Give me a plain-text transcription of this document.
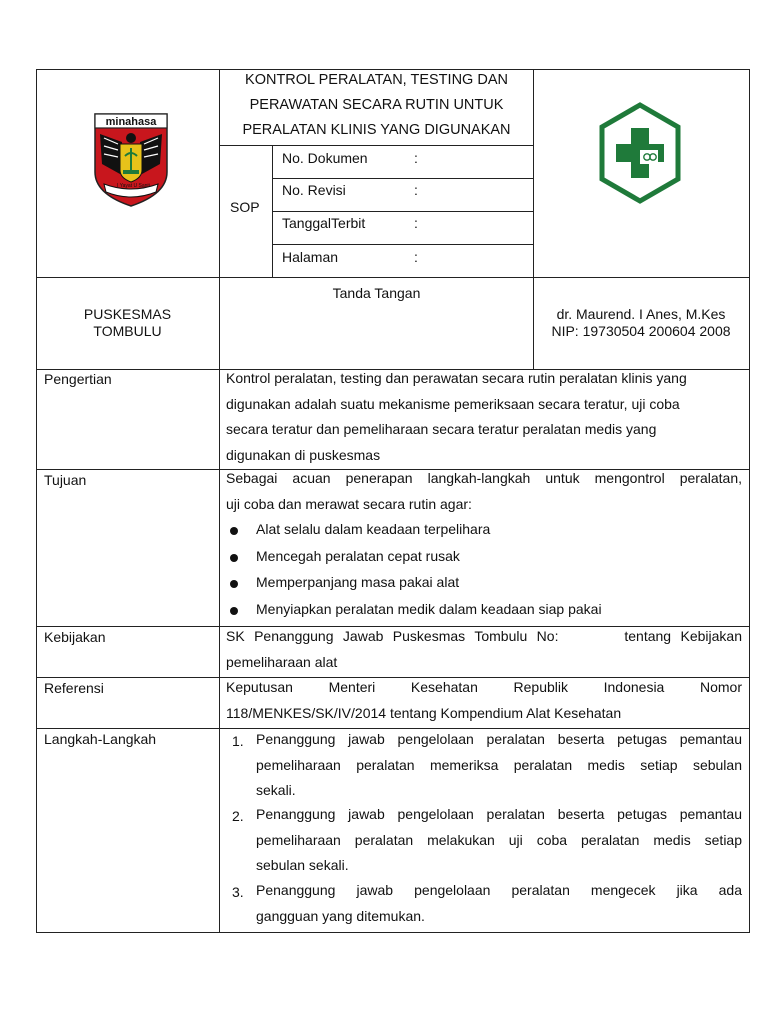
minahasa
I Yayat U Santi
KONTROL PERALATAN, TESTING DAN
PERAWATAN SECARA RUTIN UNTUK
PERALATAN KLINIS YANG DIGUNAKAN
SOP
No. Dokumen	:
No. Revisi	:
TanggalTerbit	:
Halaman	:
PUSKESMAS
TOMBULU
Tanda Tangan
dr. Maurend. I Anes, M.Kes
NIP: 19730504 200604 2008
Pengertian	Kontrol peralatan, testing dan perawatan secara rutin peralatan klinis yang
digunakan adalah suatu mekanisme pemeriksaan secara teratur, uji coba
secara teratur dan pemeliharaan secara teratur peralatan medis yang
digunakan di puskesmas
Tujuan	Sebagai acuan penerapan langkah-langkah untuk mengontrol peralatan,
uji coba dan merawat secara rutin agar:
Alat selalu dalam keadaan terpelihara
Mencegah peralatan cepat rusak
Memperpanjang masa pakai alat
Menyiapkan peralatan medik dalam keadaan siap pakai
Kebijakan	SK Penanggung Jawab Puskesmas Tombulu No:       tentang Kebijakan
pemeliharaan alat
Referensi	Keputusan Menteri Kesehatan Republik Indonesia Nomor
118/MENKES/SK/IV/2014 tentang Kompendium Alat Kesehatan
Langkah-Langkah	1. Penanggung jawab pengelolaan peralatan beserta petugas pemantau
pemeliharaan peralatan memeriksa peralatan medis setiap sebulan
sekali.
2. Penanggung jawab pengelolaan peralatan beserta petugas pemantau
pemeliharaan peralatan melakukan uji coba peralatan medis setiap
sebulan sekali.
3. Penanggung jawab pengelolaan peralatan mengecek jika ada
gangguan yang ditemukan.
